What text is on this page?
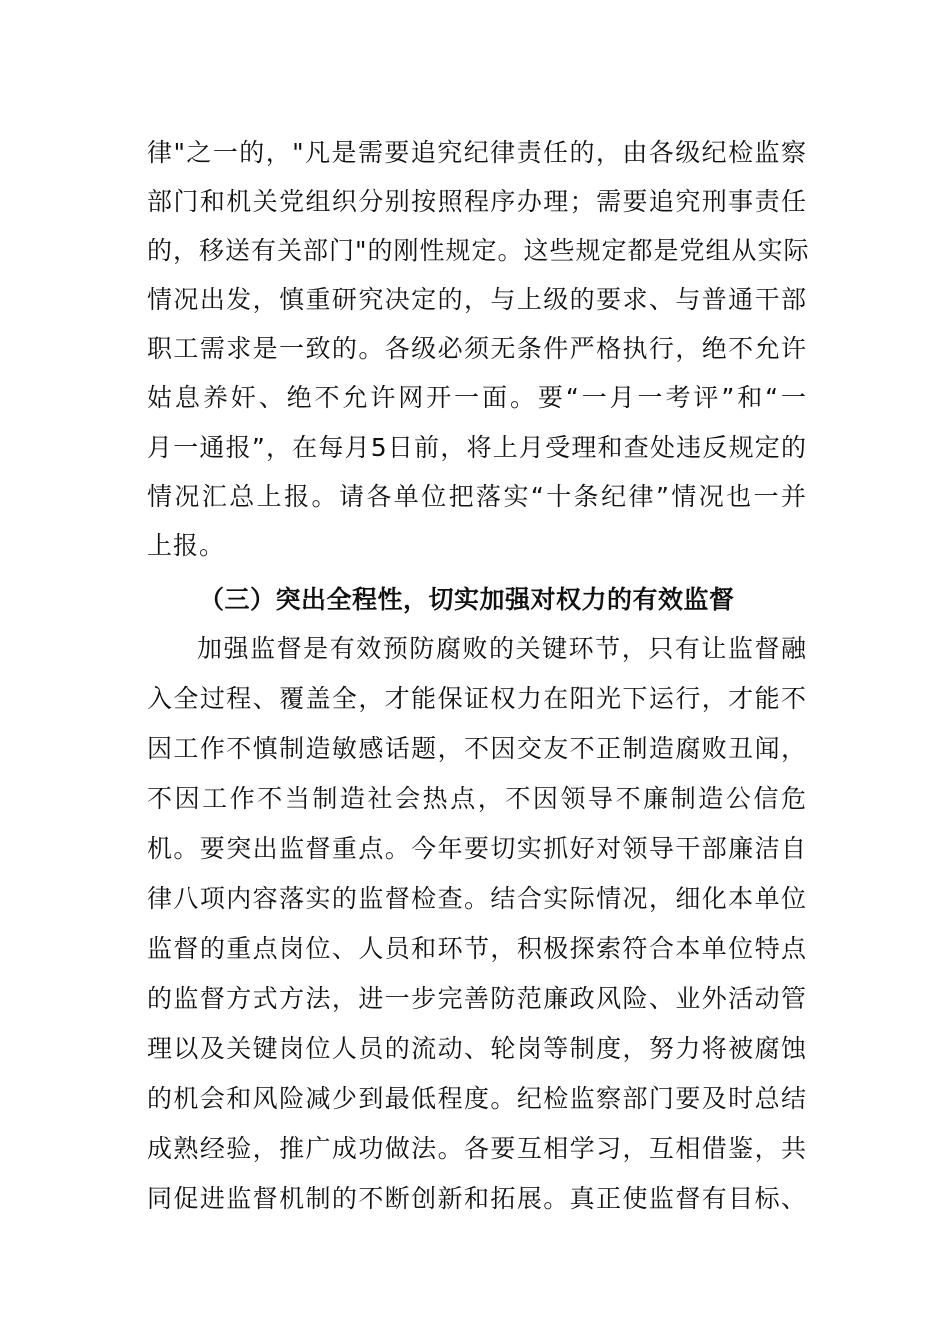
律"之一的，"凡是需要追究纪律责任的，由各级纪检监察
部门和机关党组织分别按照程序办理；需要追究刑事责任
的，移送有关部门"的刚性规定。这些规定都是党组从实际
情况出发，慎重研究决定的，与上级的要求、与普通干部
职工需求是一致的。各级必须无条件严格执行，绝不允许
姑息养奸、绝不允许网开一面。要“一月一考评”和“一
月一通报”，在每月5日前，将上月受理和查处违反规定的
情况汇总上报。请各单位把落实“十条纪律”情况也一并
上报。
（三）突出全程性，切实加强对权力的有效监督
加强监督是有效预防腐败的关键环节，只有让监督融
入全过程、覆盖全，才能保证权力在阳光下运行，才能不
因工作不慎制造敏感话题，不因交友不正制造腐败丑闻，
不因工作不当制造社会热点，不因领导不廉制造公信危
机。要突出监督重点。今年要切实抓好对领导干部廉洁自
律八项内容落实的监督检查。结合实际情况，细化本单位
监督的重点岗位、人员和环节，积极探索符合本单位特点
的监督方式方法，进一步完善防范廉政风险、业外活动管
理以及关键岗位人员的流动、轮岗等制度，努力将被腐蚀
的机会和风险减少到最低程度。纪检监察部门要及时总结
成熟经验，推广成功做法。各要互相学习，互相借鉴，共
同促进监督机制的不断创新和拓展。真正使监督有目标、
